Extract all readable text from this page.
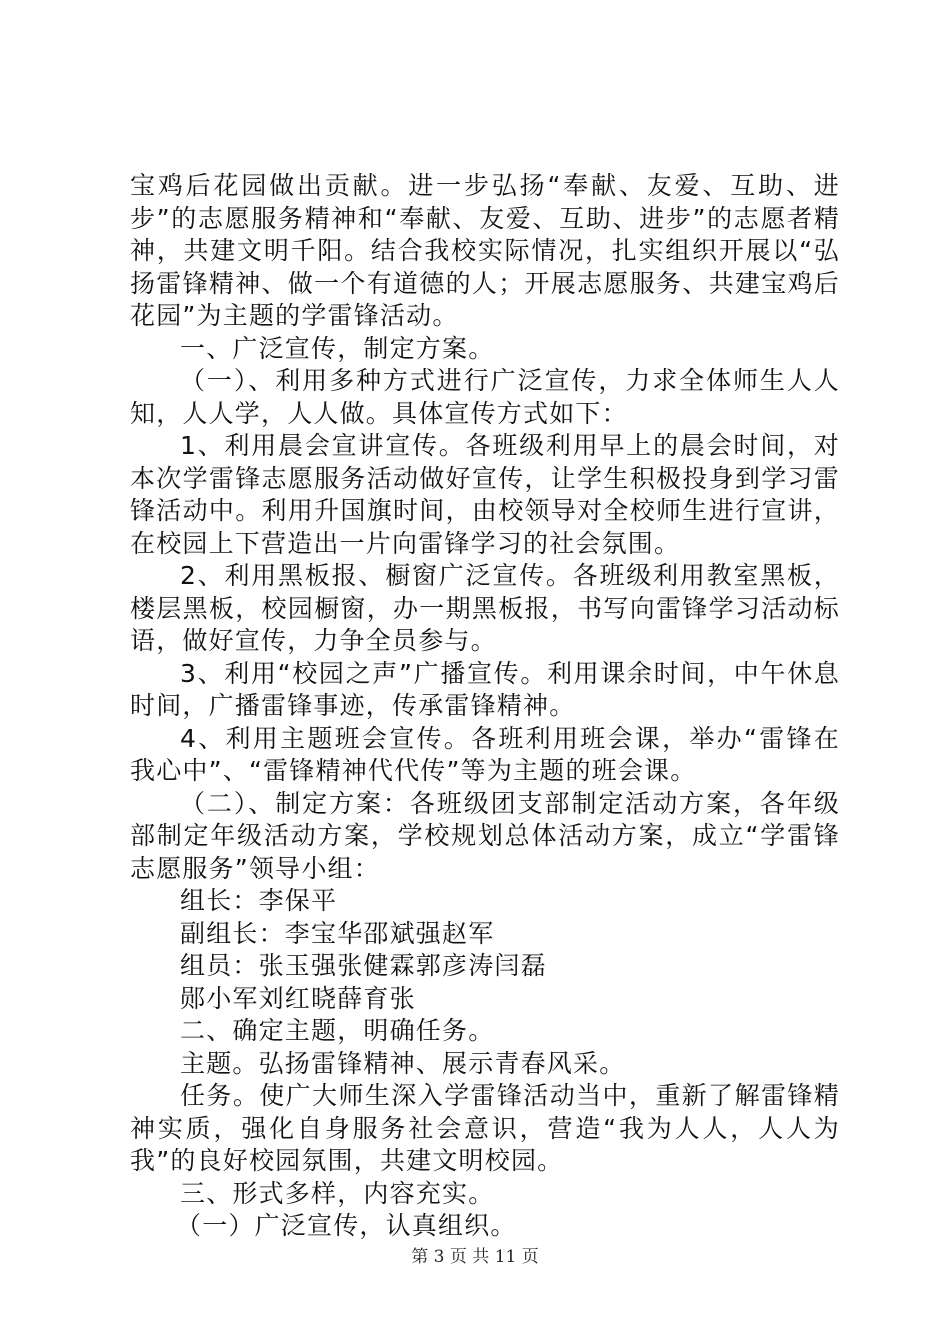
宝鸡后花园做出贡献。进一步弘扬“奉献、友爱、互助、进步”的志愿服务精神和“奉献、友爱、互助、进步”的志愿者精神，共建文明千阳。结合我校实际情况，扎实组织开展以“弘扬雷锋精神、做一个有道德的人；开展志愿服务、共建宝鸡后花园”为主题的学雷锋活动。

一、广泛宣传，制定方案。

（一）、利用多种方式进行广泛宣传，力求全体师生人人知，人人学，人人做。具体宣传方式如下：

1、利用晨会宣讲宣传。各班级利用早上的晨会时间，对本次学雷锋志愿服务活动做好宣传，让学生积极投身到学习雷锋活动中。利用升国旗时间，由校领导对全校师生进行宣讲，在校园上下营造出一片向雷锋学习的社会氛围。

2、利用黑板报、橱窗广泛宣传。各班级利用教室黑板，楼层黑板，校园橱窗，办一期黑板报，书写向雷锋学习活动标语，做好宣传，力争全员参与。

3、利用“校园之声”广播宣传。利用课余时间，中午休息时间，广播雷锋事迹，传承雷锋精神。

4、利用主题班会宣传。各班利用班会课，举办“雷锋在我心中”、“雷锋精神代代传”等为主题的班会课。

（二）、制定方案：各班级团支部制定活动方案，各年级部制定年级活动方案，学校规划总体活动方案，成立“学雷锋志愿服务”领导小组：

组长：李保平

副组长：李宝华邵斌强赵军

组员：张玉强张健霖郭彦涛闫磊

郧小军刘红晓薛育张

二、确定主题，明确任务。

主题。弘扬雷锋精神、展示青春风采。

任务。使广大师生深入学雷锋活动当中，重新了解雷锋精神实质，强化自身服务社会意识，营造“我为人人，人人为我”的良好校园氛围，共建文明校园。

三、形式多样，内容充实。

（一）广泛宣传，认真组织。

第 3 页 共 11 页
